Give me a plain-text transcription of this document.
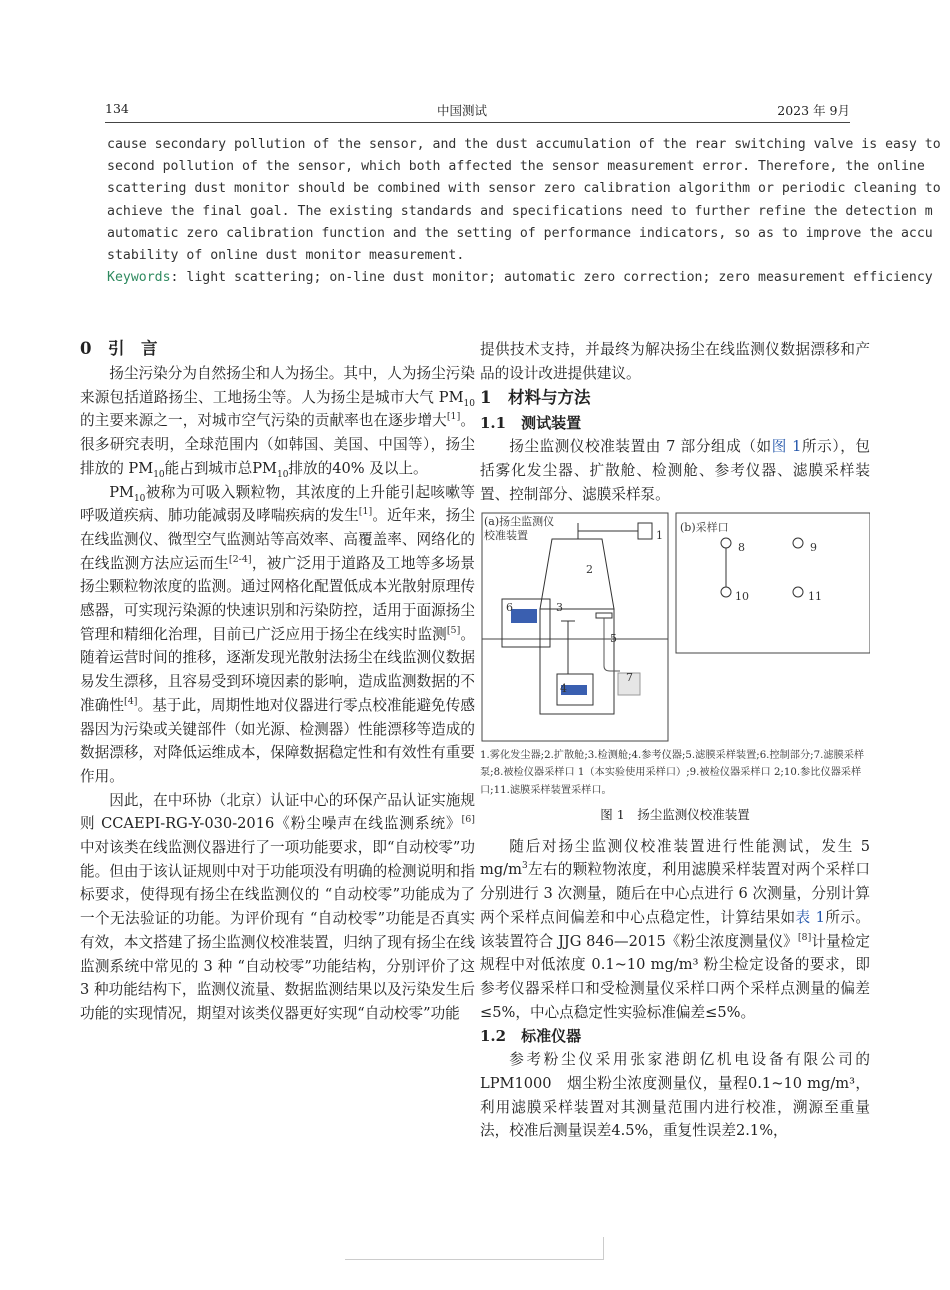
134	中国测试	2023 年 9月
cause secondary pollution of the sensor, and the dust accumulation of the rear switching valve is easy to
second pollution of the sensor, which both affected the sensor measurement error. Therefore, the online
scattering dust monitor should be combined with sensor zero calibration algorithm or periodic cleaning to
achieve the final goal. The existing standards and specifications need to further refine the detection m
automatic zero calibration function and the setting of performance indicators, so as to improve the accu
stability of online dust monitor measurement.
Keywords: light scattering; on-line dust monitor; automatic zero correction; zero measurement efficiency
0　引　言

扬尘污染分为自然扬尘和人为扬尘。其中，人为扬尘污染来源包括道路扬尘、工地扬尘等。人为扬尘是城市大气 $PM_{10}$的主要来源之一，对城市空气污染的贡献率也在逐步增大[1]。很多研究表明，全球范围内（如韩国、美国、中国等），扬尘排放的 $PM_{10}$能占到城市总$PM_{10}$排放的40% 及以上。

$PM_{10}$被称为可吸入颗粒物，其浓度的上升能引起咳嗽等呼吸道疾病、肺功能减弱及哮喘疾病的发生[1]。近年来，扬尘在线监测仪、微型空气监测站等高效率、高覆盖率、网络化的在线监测方法应运而生[2-4]，被广泛用于道路及工地等多场景扬尘颗粒物浓度的监测。通过网格化配置低成本光散射原理传感器，可实现污染源的快速识别和污染防控，适用于面源扬尘管理和精细化治理，目前已广泛应用于扬尘在线实时监测[5]。随着运营时间的推移，逐渐发现光散射法扬尘在线监测仪数据易发生漂移，且容易受到环境因素的影响，造成监测数据的不准确性[4]。基于此，周期性地对仪器进行零点校准能避免传感器因为污染或关键部件（如光源、检测器）性能漂移等造成的数据漂移，对降低运维成本，保障数据稳定性和有效性有重要作用。

因此，在中环协（北京）认证中心的环保产品认证实施规则 CCAEPI-RG-Y-030-2016《粉尘噪声在线监测系统》[6]中对该类在线监测仪器进行了一项功能要求，即“自动校零”功能。但由于该认证规则中对于功能项没有明确的检测说明和指标要求，使得现有扬尘在线监测仪的 “自动校零”功能成为了一个无法验证的功能。为评价现有 “自动校零”功能是否真实有效，本文搭建了扬尘监测仪校准装置，归纳了现有扬尘在线监测系统中常见的 3 种 “自动校零”功能结构，分别评价了这3 种功能结构下，监测仪流量、数据监测结果以及污染发生后功能的实现情况，期望对该类仪器更好实现“自动校零”功能

提供技术支持，并最终为解决扬尘在线监测仪数据漂移和产品的设计改进提供建议。

1　材料与方法
1.1　测试装置

扬尘监测仪校准装置由 7 部分组成（如图 1所示），包括雾化发尘器、扩散舱、检测舱、参考仪器、滤膜采样装置、控制部分、滤膜采样泵。

(a)扬尘监测仪
校准装置	1
2
3
4
5
6
7
(b)采样口
8	9
10	11
1.雾化发尘器;2.扩散舱;3.检测舱;4.参考仪器;5.滤膜采样装置;6.控制部分;7.滤膜采样泵;8.被检仪器采样口 1（本实验使用采样口）;9.被检仪器采样口 2;10.参比仪器采样口;11.滤膜采样装置采样口。
图 1　扬尘监测仪校准装置

随后对扬尘监测仪校准装置进行性能测试，发生 5 $mg/m^3$左右的颗粒物浓度，利用滤膜采样装置对两个采样口分别进行 3 次测量，随后在中心点进行 6 次测量，分别计算两个采样点间偏差和中心点稳定性，计算结果如表 1所示。该装置符合 JJG 846—2015《粉尘浓度测量仪》[8]计量检定规程中对低浓度 0.1~10 mg/m³ 粉尘检定设备的要求，即参考仪器采样口和受检测量仪采样口两个采样点测量的偏差≤5%，中心点稳定性实验标准偏差≤5%。

1.2　标准仪器

参考粉尘仪采用张家港朗亿机电设备有限公司的LPM1000　烟尘粉尘浓度测量仪，量程0.1~10 mg/m³，利用滤膜采样装置对其测量范围内进行校准，溯源至重量法，校准后测量误差4.5%，重复性误差2.1%，
